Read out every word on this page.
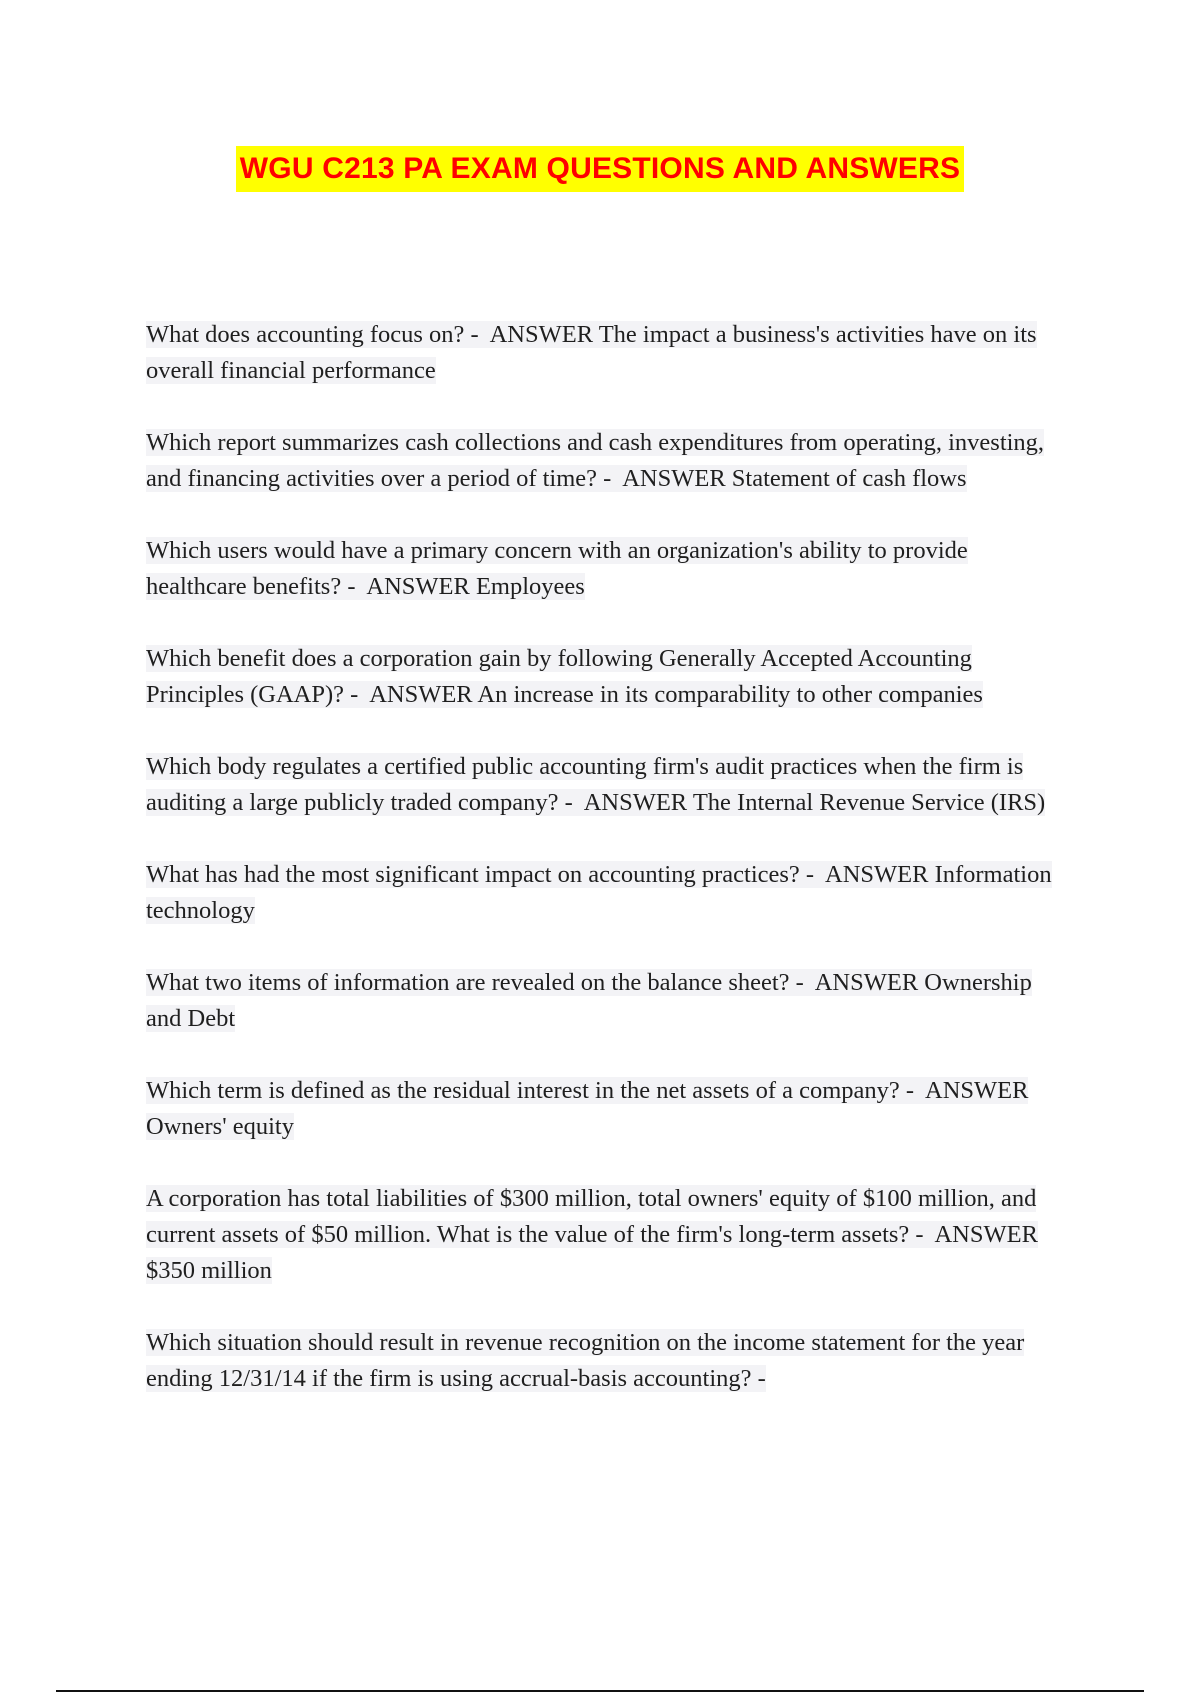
WGU C213 PA EXAM QUESTIONS AND ANSWERS
What does accounting focus on? - ANSWER The impact a business's activities have on its overall financial performance
Which report summarizes cash collections and cash expenditures from operating, investing, and financing activities over a period of time? - ANSWER Statement of cash flows
Which users would have a primary concern with an organization's ability to provide healthcare benefits? - ANSWER Employees
Which benefit does a corporation gain by following Generally Accepted Accounting Principles (GAAP)? - ANSWER An increase in its comparability to other companies
Which body regulates a certified public accounting firm's audit practices when the firm is auditing a large publicly traded company? - ANSWER The Internal Revenue Service (IRS)
What has had the most significant impact on accounting practices? - ANSWER Information technology
What two items of information are revealed on the balance sheet? - ANSWER Ownership and Debt
Which term is defined as the residual interest in the net assets of a company? - ANSWER Owners' equity
A corporation has total liabilities of $300 million, total owners' equity of $100 million, and current assets of $50 million. What is the value of the firm's long-term assets? - ANSWER $350 million
Which situation should result in revenue recognition on the income statement for the year ending 12/31/14 if the firm is using accrual-basis accounting? -
